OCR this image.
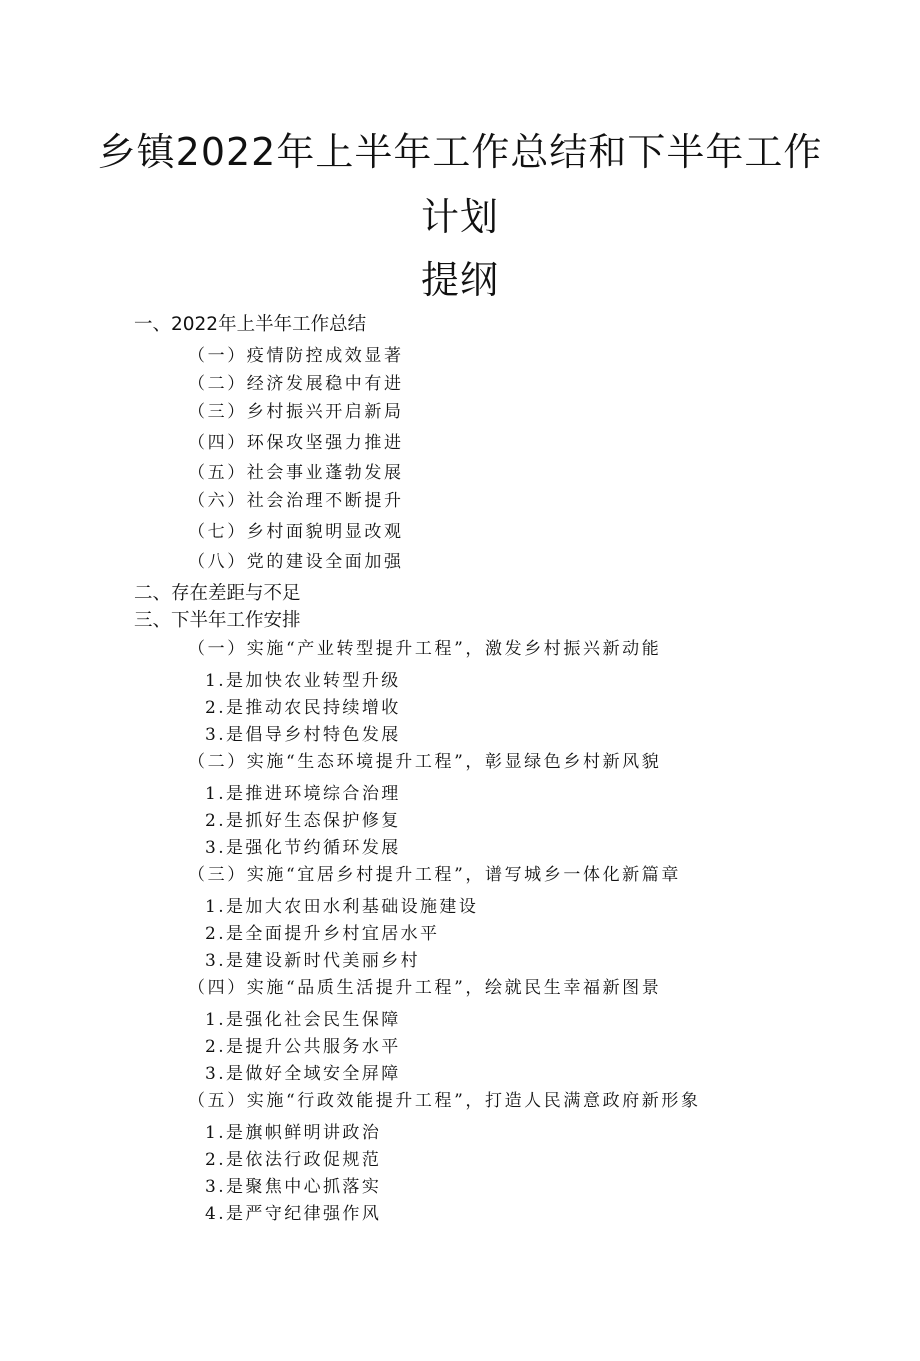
乡镇2022年上半年工作总结和下半年工作
计划
提纲
一、2022年上半年工作总结
（一）疫情防控成效显著
（二）经济发展稳中有进
（三）乡村振兴开启新局
（四）环保攻坚强力推进
（五）社会事业蓬勃发展
（六）社会治理不断提升
（七）乡村面貌明显改观
（八）党的建设全面加强
二、存在差距与不足
三、下半年工作安排
（一）实施“产业转型提升工程”，激发乡村振兴新动能
1.是加快农业转型升级
2.是推动农民持续增收
3.是倡导乡村特色发展
（二）实施“生态环境提升工程”，彰显绿色乡村新风貌
1.是推进环境综合治理
2.是抓好生态保护修复
3.是强化节约循环发展
（三）实施“宜居乡村提升工程”，谱写城乡一体化新篇章
1.是加大农田水利基础设施建设
2.是全面提升乡村宜居水平
3.是建设新时代美丽乡村
（四）实施“品质生活提升工程”，绘就民生幸福新图景
1.是强化社会民生保障
2.是提升公共服务水平
3.是做好全域安全屏障
（五）实施“行政效能提升工程”，打造人民满意政府新形象
1.是旗帜鲜明讲政治
2.是依法行政促规范
3.是聚焦中心抓落实
4.是严守纪律强作风
